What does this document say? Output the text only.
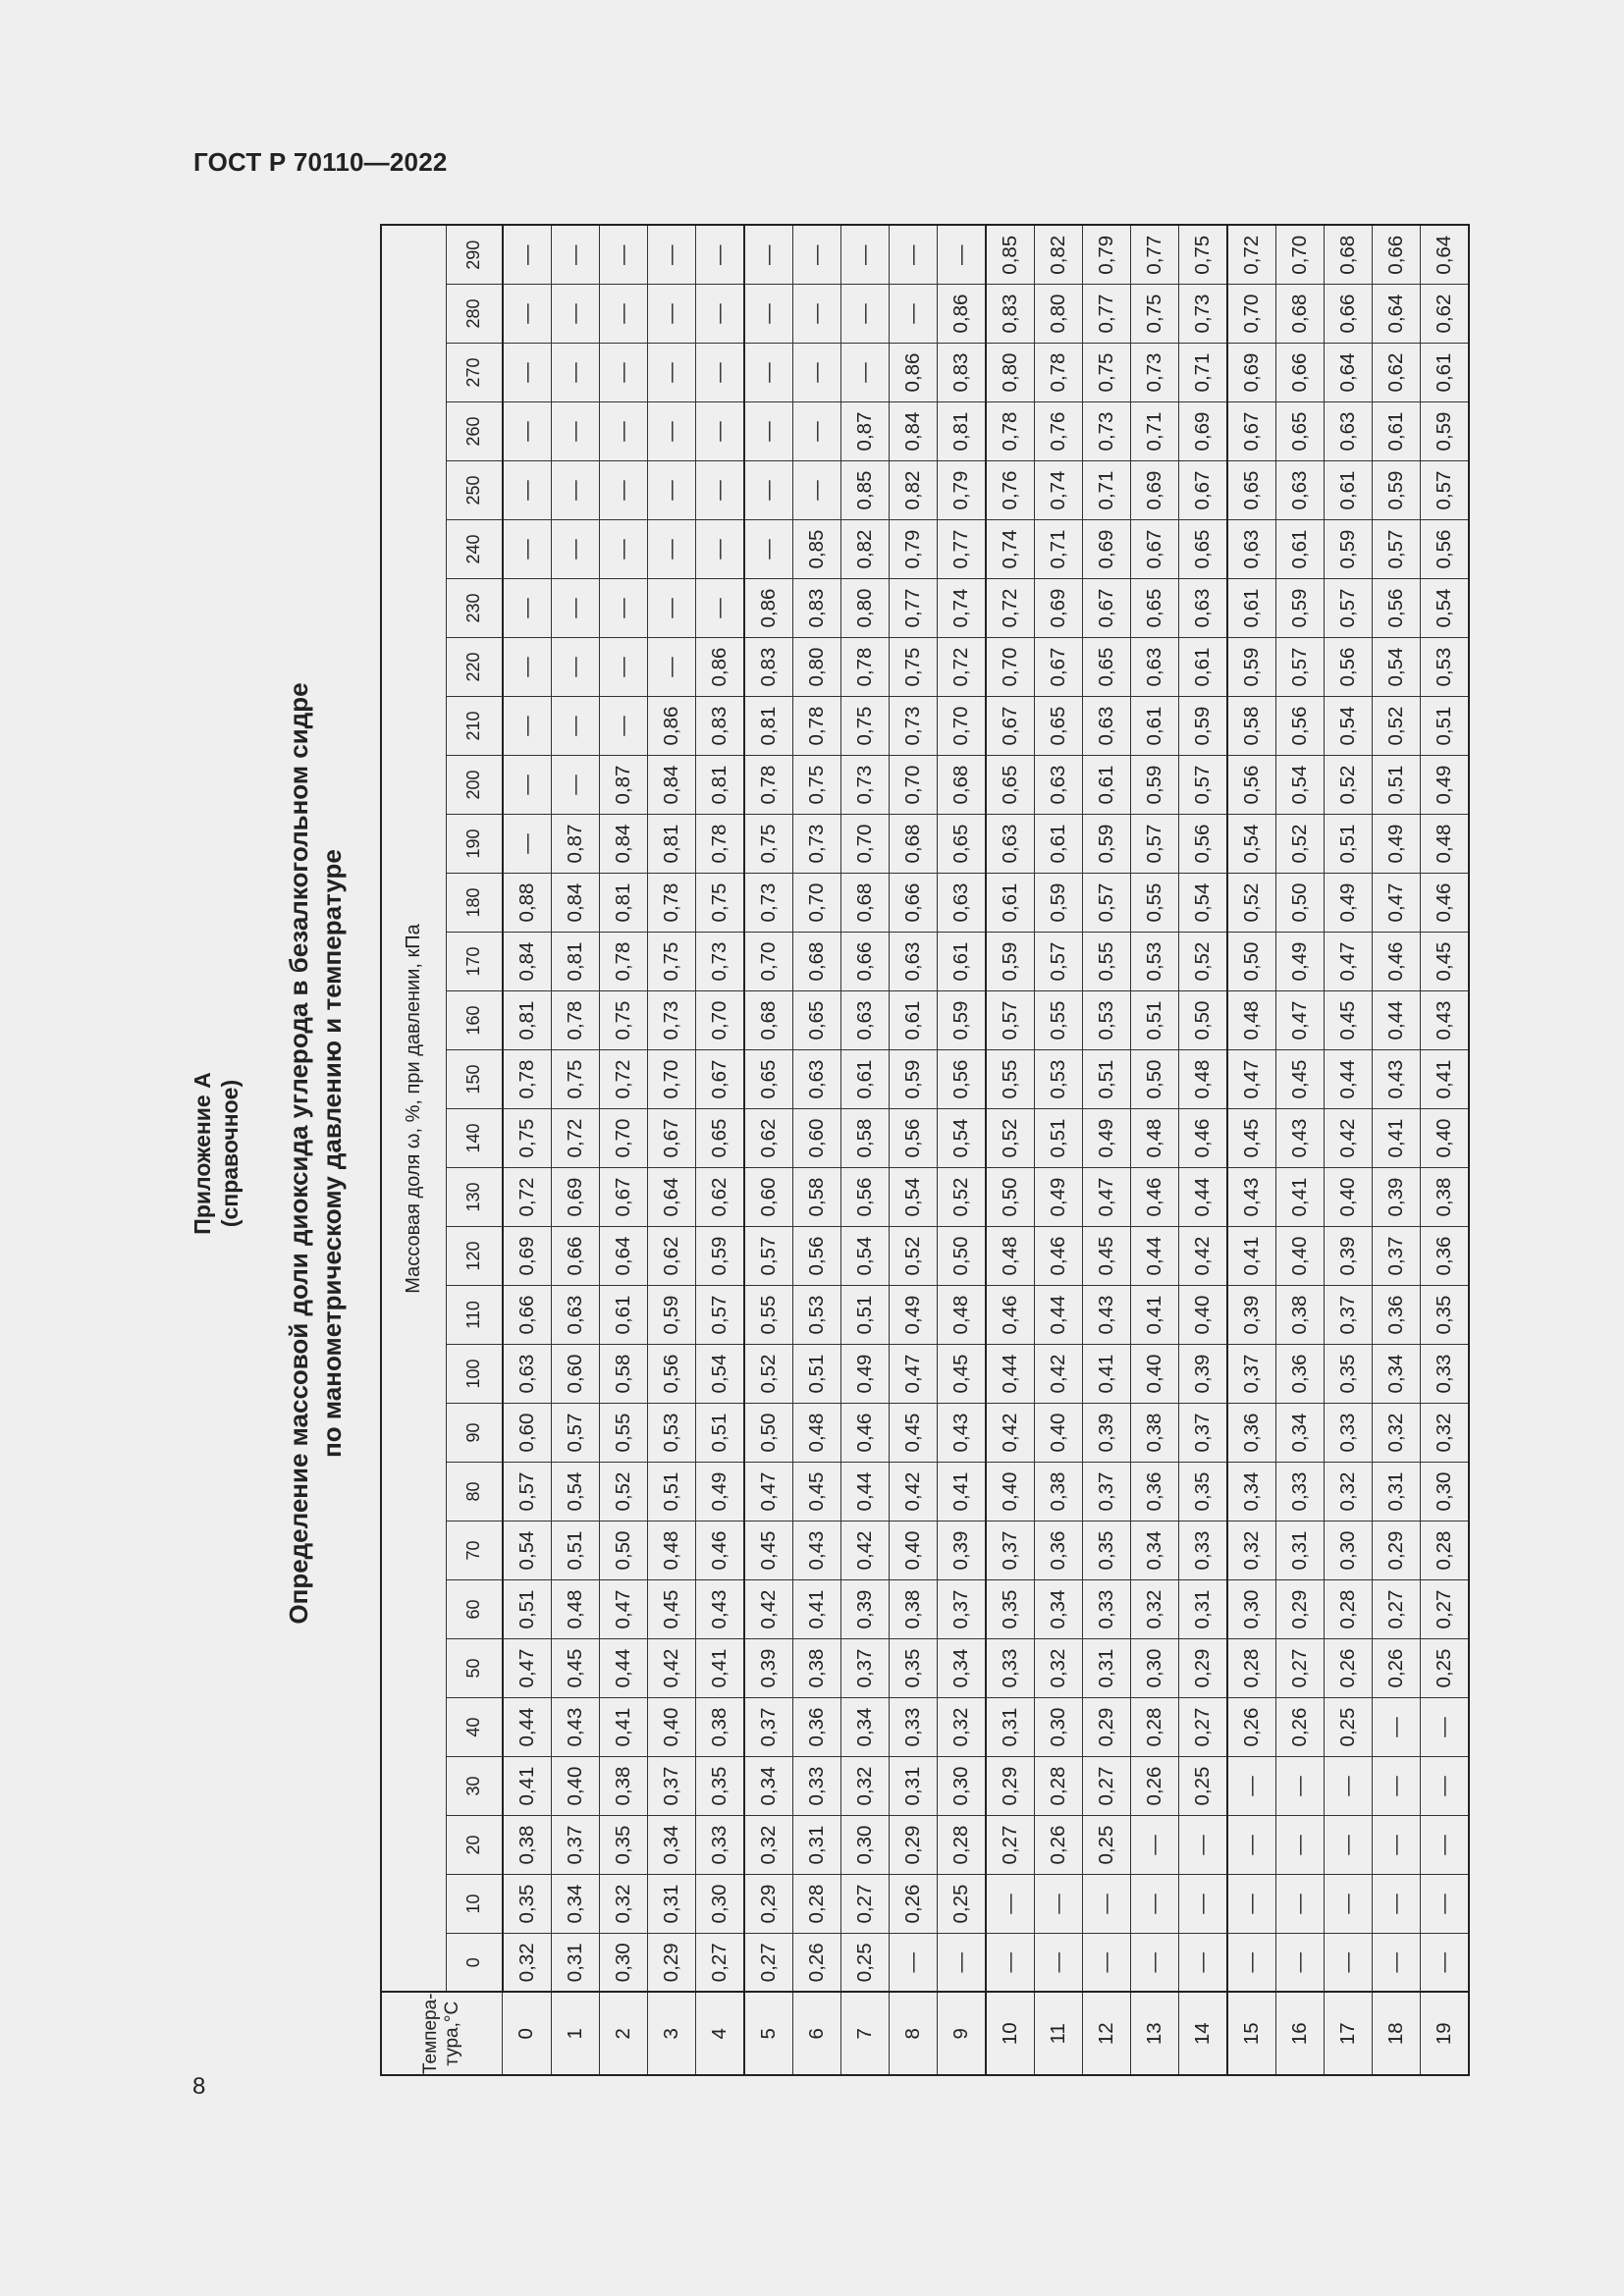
ГОСТ Р 70110—2022
Приложение А (справочное) Определение массовой доли диоксида углерода в безалкогольном сидре по манометрическому давлению и температуре
Темпера-
тура,°С	Массовая доля ω, %, при давлении, кПа																													
	0	10	20	30	40	50	60	70	80	90	100	110	120	130	140	150	160	170	180	190	200	210	220	230	240	250	260	270	280	290
0	0,32	0,35	0,38	0,41	0,44	0,47	0,51	0,54	0,57	0,60	0,63	0,66	0,69	0,72	0,75	0,78	0,81	0,84	0,88	—	—	—	—	—	—	—	—	—	—	—
1	0,31	0,34	0,37	0,40	0,43	0,45	0,48	0,51	0,54	0,57	0,60	0,63	0,66	0,69	0,72	0,75	0,78	0,81	0,84	0,87	—	—	—	—	—	—	—	—	—	—
2	0,30	0,32	0,35	0,38	0,41	0,44	0,47	0,50	0,52	0,55	0,58	0,61	0,64	0,67	0,70	0,72	0,75	0,78	0,81	0,84	0,87	—	—	—	—	—	—	—	—	—
3	0,29	0,31	0,34	0,37	0,40	0,42	0,45	0,48	0,51	0,53	0,56	0,59	0,62	0,64	0,67	0,70	0,73	0,75	0,78	0,81	0,84	0,86	—	—	—	—	—	—	—	—
4	0,27	0,30	0,33	0,35	0,38	0,41	0,43	0,46	0,49	0,51	0,54	0,57	0,59	0,62	0,65	0,67	0,70	0,73	0,75	0,78	0,81	0,83	0,86	—	—	—	—	—	—	—
5	0,27	0,29	0,32	0,34	0,37	0,39	0,42	0,45	0,47	0,50	0,52	0,55	0,57	0,60	0,62	0,65	0,68	0,70	0,73	0,75	0,78	0,81	0,83	0,86	—	—	—	—	—	—
6	0,26	0,28	0,31	0,33	0,36	0,38	0,41	0,43	0,45	0,48	0,51	0,53	0,56	0,58	0,60	0,63	0,65	0,68	0,70	0,73	0,75	0,78	0,80	0,83	0,85	—	—	—	—	—
7	0,25	0,27	0,30	0,32	0,34	0,37	0,39	0,42	0,44	0,46	0,49	0,51	0,54	0,56	0,58	0,61	0,63	0,66	0,68	0,70	0,73	0,75	0,78	0,80	0,82	0,85	0,87	—	—	—
8	—	0,26	0,29	0,31	0,33	0,35	0,38	0,40	0,42	0,45	0,47	0,49	0,52	0,54	0,56	0,59	0,61	0,63	0,66	0,68	0,70	0,73	0,75	0,77	0,79	0,82	0,84	0,86	—	—
9	—	0,25	0,28	0,30	0,32	0,34	0,37	0,39	0,41	0,43	0,45	0,48	0,50	0,52	0,54	0,56	0,59	0,61	0,63	0,65	0,68	0,70	0,72	0,74	0,77	0,79	0,81	0,83	0,86	—
10	—	—	0,27	0,29	0,31	0,33	0,35	0,37	0,40	0,42	0,44	0,46	0,48	0,50	0,52	0,55	0,57	0,59	0,61	0,63	0,65	0,67	0,70	0,72	0,74	0,76	0,78	0,80	0,83	0,85
11	—	—	0,26	0,28	0,30	0,32	0,34	0,36	0,38	0,40	0,42	0,44	0,46	0,49	0,51	0,53	0,55	0,57	0,59	0,61	0,63	0,65	0,67	0,69	0,71	0,74	0,76	0,78	0,80	0,82
12	—	—	0,25	0,27	0,29	0,31	0,33	0,35	0,37	0,39	0,41	0,43	0,45	0,47	0,49	0,51	0,53	0,55	0,57	0,59	0,61	0,63	0,65	0,67	0,69	0,71	0,73	0,75	0,77	0,79
13	—	—	—	0,26	0,28	0,30	0,32	0,34	0,36	0,38	0,40	0,41	0,44	0,46	0,48	0,50	0,51	0,53	0,55	0,57	0,59	0,61	0,63	0,65	0,67	0,69	0,71	0,73	0,75	0,77
14	—	—	—	0,25	0,27	0,29	0,31	0,33	0,35	0,37	0,39	0,40	0,42	0,44	0,46	0,48	0,50	0,52	0,54	0,56	0,57	0,59	0,61	0,63	0,65	0,67	0,69	0,71	0,73	0,75
15	—	—	—	—	0,26	0,28	0,30	0,32	0,34	0,36	0,37	0,39	0,41	0,43	0,45	0,47	0,48	0,50	0,52	0,54	0,56	0,58	0,59	0,61	0,63	0,65	0,67	0,69	0,70	0,72
16	—	—	—	—	0,26	0,27	0,29	0,31	0,33	0,34	0,36	0,38	0,40	0,41	0,43	0,45	0,47	0,49	0,50	0,52	0,54	0,56	0,57	0,59	0,61	0,63	0,65	0,66	0,68	0,70
17	—	—	—	—	0,25	0,26	0,28	0,30	0,32	0,33	0,35	0,37	0,39	0,40	0,42	0,44	0,45	0,47	0,49	0,51	0,52	0,54	0,56	0,57	0,59	0,61	0,63	0,64	0,66	0,68
18	—	—	—	—	—	0,26	0,27	0,29	0,31	0,32	0,34	0,36	0,37	0,39	0,41	0,43	0,44	0,46	0,47	0,49	0,51	0,52	0,54	0,56	0,57	0,59	0,61	0,62	0,64	0,66
19	—	—	—	—	—	0,25	0,27	0,28	0,30	0,32	0,33	0,35	0,36	0,38	0,40	0,41	0,43	0,45	0,46	0,48	0,49	0,51	0,53	0,54	0,56	0,57	0,59	0,61	0,62	0,64
8
